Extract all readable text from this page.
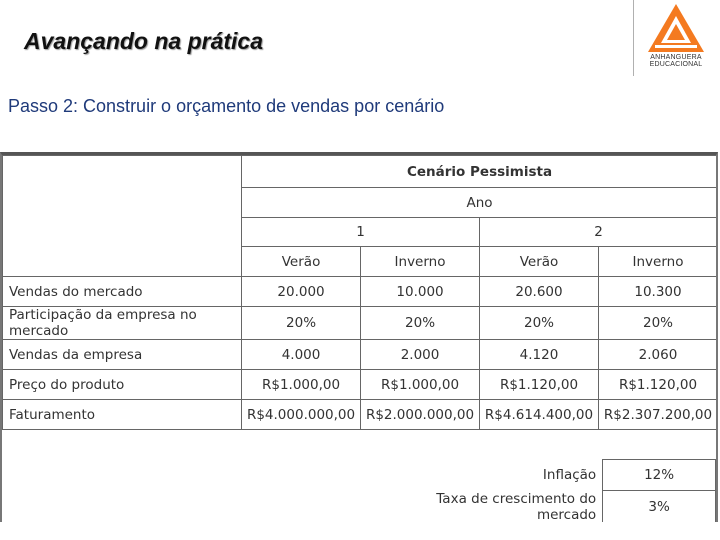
Avançando na prática
ANHANGUERA
EDUCACIONAL
Passo 2: Construir o orçamento de vendas por cenário
	Cenário Pessimista			
	Ano			
	1		2	
	Verão	Inverno	Verão	Inverno
Vendas do mercado	20.000	10.000	20.600	10.300
Participação da empresa no mercado	20%	20%	20%	20%
Vendas da empresa	4.000	2.000	4.120	2.060
Preço do produto	R$1.000,00	R$1.000,00	R$1.120,00	R$1.120,00
Faturamento	R$4.000.000,00	R$2.000.000,00	R$4.614.400,00	R$2.307.200,00
Inflação	12%
Taxa de crescimento do mercado	3%
